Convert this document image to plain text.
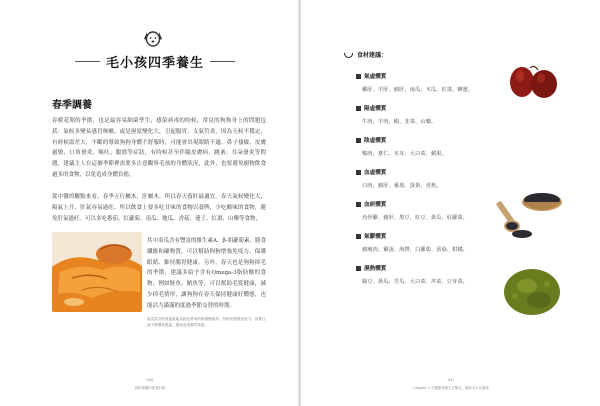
毛小孩四季養生
春季調養
春暖花開的季節，也是最容易細菌孳生，感染病毒的時候，常見的狗狗身上的問題包括：氣候多變易感冒咳嗽、或是濕度變化大，引起腸胃、支氣管炎，因為天候不穩定，有時候溫差大，不斷的導致狗狗身體不舒服時，可能會出現眼睛不適、鼻子搔癢、皮膚過敏、口角發炎、嘔吐、腹瀉等症狀，有時候甚至伴隨皮膚病、跳蚤、耳朵發炎等問題，建議主人在這個季節裡需要多注意觀察毛孩的身體狀況，此外，也要避免寵物飲食過多的食物，以免造成身體負擔。
從中醫的觀點來看，春季五行屬木，肝屬木，所以春天養肝最適宜。春天氣候變化大，陽氣上升，肝氣容易過旺，所以飲食上要多吃甘味的食物以養脾，少吃酸味的食物，避免肝氣過旺。可以多吃番茄、紅蘿蔔、南瓜、地瓜、香菇、蓮子、紅棗、山藥等食物，
其中南瓜含有豐富的維生素A、β-胡蘿蔔素、膳食纖維和礦物質，可以幫助狗狗增強免疫力、保護眼睛、維持腸胃健康。另外，春天也是狗狗掉毛的季節，建議多給予含有Omega-3脂肪酸的食物，例如鮭魚、鯖魚等，可以幫助毛髮健康，減少掉毛情形，讓狗狗在春天保持健康好體態，也能活力滿滿的度過季節交替的時期。
南瓜富含的營養素能為狗兒帶來的營養價值高，有助於增強免疫力，但要注意不要餵食過量，避免造成腸胃負擔。
040
狗狗專屬的營養料理
食材建議：
氣虛體質
雞肝、羊肝、豬肝、南瓜、木瓜、紅棗、蜂蜜。
陽虛體質
牛肉、羊肉、蝦、韭菜、山藥。
陰虛體質
鴨肉、薏仁、木耳、大白菜、蘋果。
血虛體質
白肉、豬肝、番茄、蛋黃、香蕉。
血瘀體質
烏骨雞、豬肝、黑豆、紅豆、黃瓜、紅蘿蔔。
氣鬱體質
豬瘦肉、雞蛋、海帶、白蘿蔔、香菇、柑橘。
濕熱體質
綠豆、黃瓜、苦瓜、大白菜、芹菜、豆芽菜。
041
Chapter 1 中醫寵物養生法概念，幫助毛小孩健康
